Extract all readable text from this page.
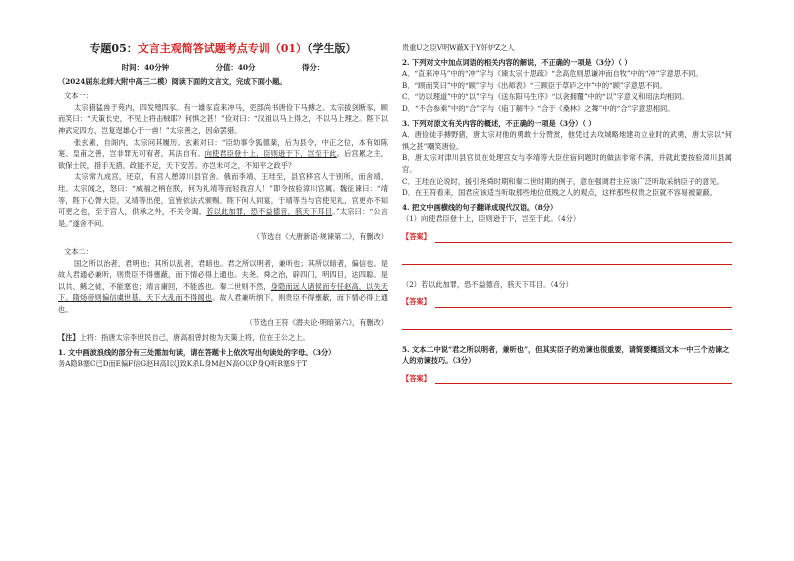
专题05：文言主观简答试题考点专训（01）（学生版）
时间：40分钟	分值：40分	得分：
（2024届东北师大附中高三二模）阅读下面的文言文，完成下面小题。
文本一：
太宗猎猛兽于苑内，四发殪四豕。有一雄豕直来冲马，吏部尚书唐俭下马搏之。太宗拔剑断豕，顾而笑曰：“天策长史，不见上将击贼耶？何惧之甚！”俭对曰：“汉祖以马上得之，不以马上理之。陛下以神武定四方，岂复逞雄心于一兽！”太宗善之，因命罢猎。
张玄素，自阁内，太宗问其履历。玄素对曰：“臣幼事令狐德棻，后为县令，中正之位，本有如陈寔、皇甫之善，岂非罪无可宥者，其法自有。向使君臣登十上，臣则逊于下，岂至于此。后宫累之主，欲保士民，措手无措，政能不足，天下安苦。亦岂未可之，不知平之政乎？
太宗常九成宫，还京，有宫人憩漳川县官舍。俄而李靖、王珪至，县官移宫人于别所，而舍靖、珪。太宗闻之，怒曰：“威福之柄在朕，何为礼靖等而轻我宫人！”即令按验漳川官属。魏征谏曰：“靖等，陛下心膂大臣，又靖等出使，宜皆依法式颁赐。陛下何人同宴，于靖等当与宫使见礼，官更亦不知可更之也，至于宫人，供承之外，不关令谒。若以此加罪，恐不益德音，骇天下耳目。”太宗曰：“公言是。”遂舍不问。
（节选自《大唐新语·规谏第二》，有删改）
文本二：
国之所以治者，君明也；其所以乱者，君暗也。君之所以明者，兼听也；其所以暗者，偏信也。是故人君通必兼听，则贵臣不得壅蔽，而下情必得上通也。夫尧、舜之治，辟四门，明四目，达四聪。是以共、鲧之徒，不能塞也；靖言庸回，不能惑也。秦二世则不然，身隐而远人诸侯而专任赵高，以失天下。隋炀帝则偏信虞世基，天下大乱而不得闻也。故人君兼听纳下，则贵臣不得壅蔽，而下情必得上通也。
（节选自王符《潜夫论·明暗第六》，有删改）
【注】上将：指唐太宗李世民自己，唐高祖曾封他为天策上将，位在王公之上。
1. 文中画波浪线的部分有三处需加句读，请在答题卡上依次写出句读处的字母。（3分）
务A隐B塞C已D而E偏F信G赵H高I以J致K杀L身M赵N高O以P身Q听R塞S于T
贵重U之臣V明W蔽X于Y奸炉Z之人
2. 下列对文中加点词语的相关内容的解说，不正确的一项是（3分）（ ）
A．“直来冲马”中的“冲”字与《谏太宗十思疏》“念高危则思谦冲而自牧”中的“冲”字意思不同。
B．“顾而笑曰”中的“顾”字与《出师表》“三顾臣于草庐之中”中的“顾”字意思不同。
C．“访以理道”中的“以”字与《送东阳马生序》“以衾拥覆”中的“以”字意义和用法均相同。
D．“不合参乘”中的“合”字与《庖丁解牛》“合于《桑林》之舞”中的“合”字意思相同。
3. 下列对原文有关内容的概述，不正确的一项是（3分）（ ）
A．唐俭徒手搏野猪，唐太宗对他的勇敢十分赞赏，他凭过去攻城略地建功立业时的武勇，唐太宗以“何惧之甚”嘲笑唐俭。
B．唐太宗对津川县官员在处理宫女与李靖等大臣住宿问题时的做法非常不满，并就此要按验漳川县属官。
C．王珪在论说时，援引尧舜时期和秦二世时期的例子，意在强调君主应该广泛听取采纳臣子的意见。
D．在王符看来，国君应该适当听取那些地位低贱之人的观点，这样那些权贵之臣就不容易被蒙蔽。
4. 把文中画横线的句子翻译成现代汉语。（8分）
（1）向使君臣登十上，臣则逊于下，岂至于此。（4分）
【答案】
（2）若以此加罪，恐不益德音，骇天下耳目。（4分）
【答案】
5. 文本二中说“君之所以明者，兼听也”，但其实臣子的劝谏也很重要，请简要概括文本一中三个劝谏之人的劝谏技巧。（3分）
【答案】
